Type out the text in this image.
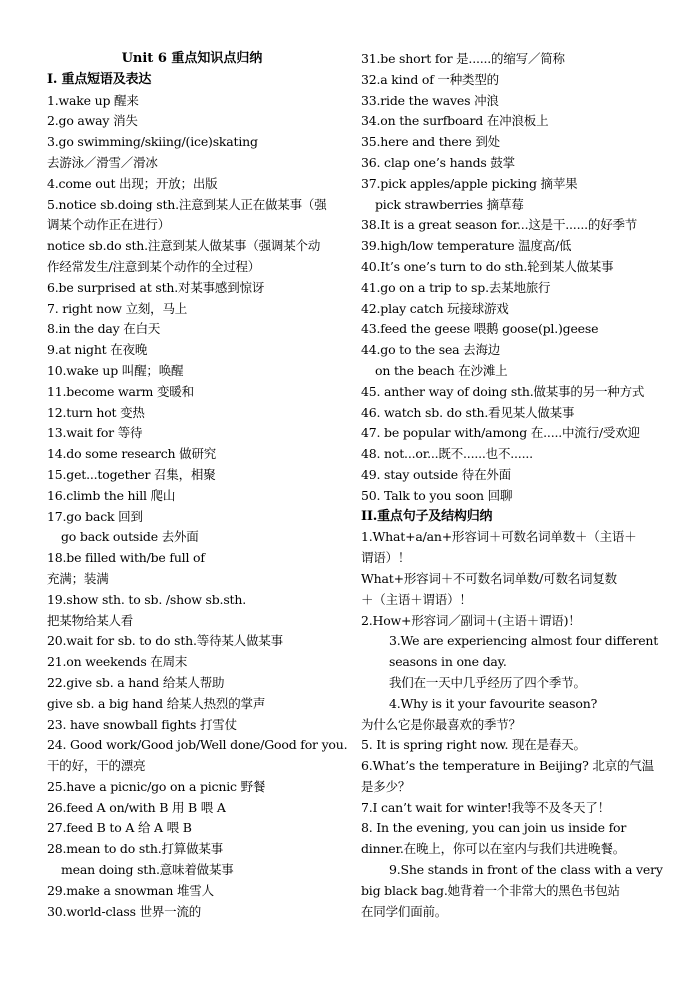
Unit 6 重点知识点归纳
I. 重点短语及表达
1.wake up 醒来
2.go away 消失
3.go swimming/skiing/(ice)skating
去游泳／滑雪／滑冰
4.come out 出现；开放；出版
5.notice sb.doing sth.注意到某人正在做某事（强
调某个动作正在进行）
notice sb.do sth.注意到某人做某事（强调某个动
作经常发生/注意到某个动作的全过程）
6.be surprised at sth.对某事感到惊讶
7. right now 立刻，马上
8.in the day 在白天
9.at night 在夜晚
10.wake up 叫醒；唤醒
11.become warm 变暖和
12.turn hot 变热
13.wait for 等待
14.do some research 做研究
15.get...together 召集，相聚
16.climb the hill 爬山
17.go back 回到
go back outside 去外面
18.be filled with/be full of
充满；装满
19.show sth. to sb. /show sb.sth.
把某物给某人看
20.wait for sb. to do sth.等待某人做某事
21.on weekends 在周末
22.give sb. a hand 给某人帮助
give sb. a big hand 给某人热烈的掌声
23. have snowball fights 打雪仗
24. Good work/Good job/Well done/Good for you.
干的好，干的漂亮
25.have a picnic/go on a picnic 野餐
26.feed A on/with B 用 B 喂 A
27.feed B to A 给 A 喂 B
28.mean to do sth.打算做某事
mean doing sth.意味着做某事
29.make a snowman 堆雪人
30.world-class 世界一流的
31.be short for 是......的缩写／简称
32.a kind of 一种类型的
33.ride the waves 冲浪
34.on the surfboard 在冲浪板上
35.here and there 到处
36. clap one’s hands 鼓掌
37.pick apples/apple picking 摘苹果
pick strawberries 摘草莓
38.It is a great season for...这是干......的好季节
39.high/low temperature 温度高/低
40.It’s one’s turn to do sth.轮到某人做某事
41.go on a trip to sp.去某地旅行
42.play catch 玩接球游戏
43.feed the geese 喂鹅 goose(pl.)geese
44.go to the sea 去海边
on the beach 在沙滩上
45. anther way of doing sth.做某事的另一种方式
46. watch sb. do sth.看见某人做某事
47. be popular with/among 在.....中流行/受欢迎
48. not...or...既不......也不......
49. stay outside 待在外面
50. Talk to you soon 回聊
II.重点句子及结构归纳
1.What+a/an+形容词＋可数名词单数＋（主语＋
谓语）！
What+形容词＋不可数名词单数/可数名词复数
＋（主语＋谓语）！
2.How+形容词／副词＋(主语＋谓语)！
3.We are experiencing almost four different
seasons in one day.
我们在一天中几乎经历了四个季节。
4.Why is it your favourite season?
为什么它是你最喜欢的季节？
5. It is spring right now. 现在是春天。
6.What’s the temperature in Beijing? 北京的气温
是多少？
7.I can’t wait for winter!我等不及冬天了！
8. In the evening, you can join us inside for
dinner.在晚上，你可以在室内与我们共进晚餐。
9.She stands in front of the class with a very
big black bag.她背着一个非常大的黑色书包站
在同学们面前。
